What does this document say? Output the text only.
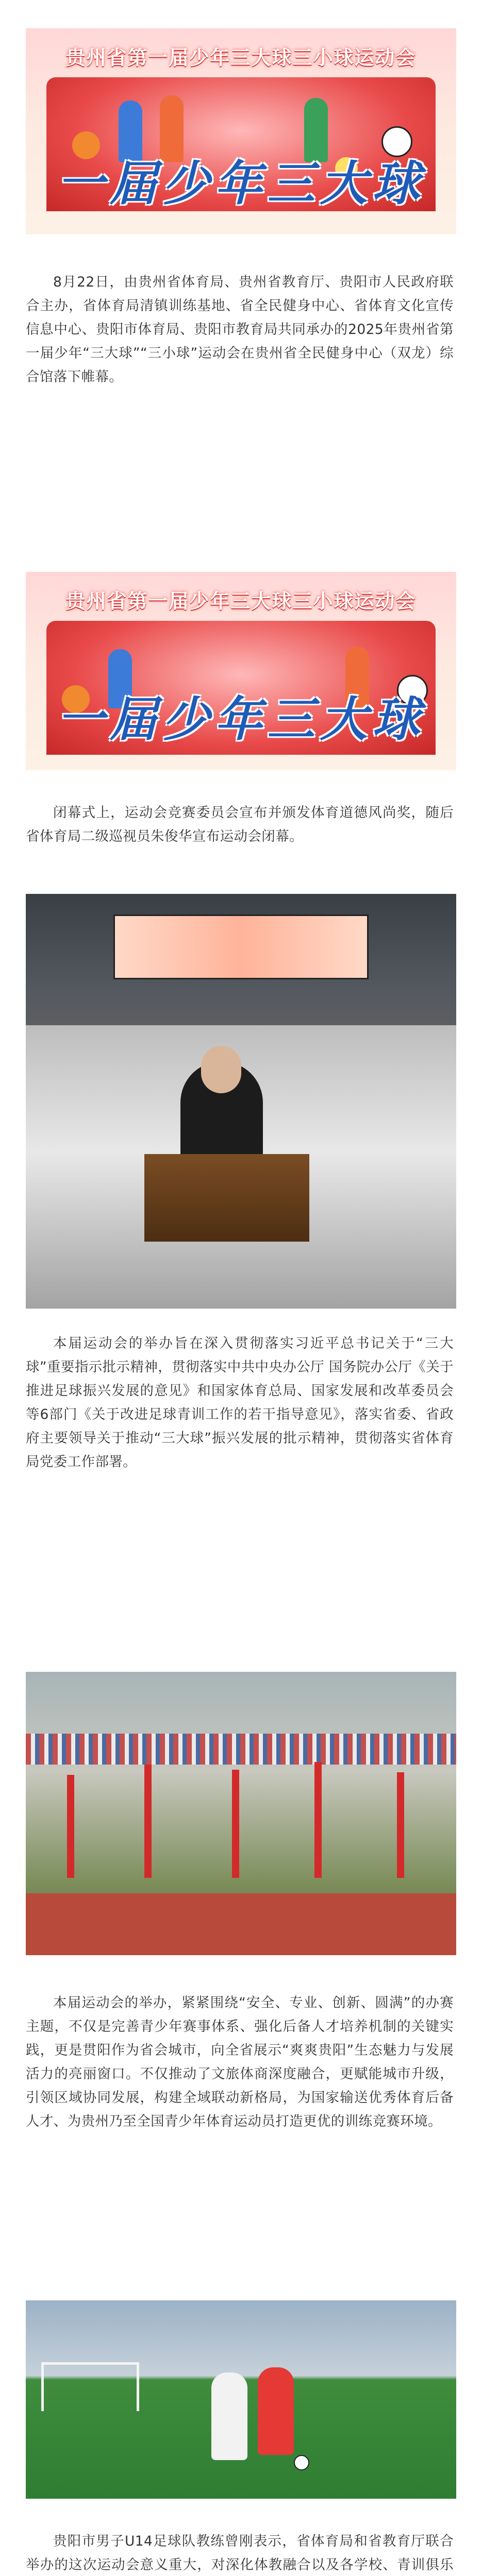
贵州省第一届少年三大球三小球运动会
一届少年三大球

8月22日，由贵州省体育局、贵州省教育厅、贵阳市人民政府联合主办，省体育局清镇训练基地、省全民健身中心、省体育文化宣传信息中心、贵阳市体育局、贵阳市教育局共同承办的2025年贵州省第一届少年“三大球”“三小球”运动会在贵州省全民健身中心（双龙）综合馆落下帷幕。

贵州省第一届少年三大球三小球运动会
一届少年三大球

闭幕式上，运动会竞赛委员会宣布并颁发体育道德风尚奖，随后省体育局二级巡视员朱俊华宣布运动会闭幕。

本届运动会的举办旨在深入贯彻落实习近平总书记关于“三大球”重要指示批示精神，贯彻落实中共中央办公厅 国务院办公厅《关于推进足球振兴发展的意见》和国家体育总局、国家发展和改革委员会等6部门《关于改进足球青训工作的若干指导意见》，落实省委、省政府主要领导关于推动“三大球”振兴发展的批示精神，贯彻落实省体育局党委工作部署。

本届运动会的举办，紧紧围绕“安全、专业、创新、圆满”的办赛主题，不仅是完善青少年赛事体系、强化后备人才培养机制的关键实践，更是贯阳作为省会城市，向全省展示“爽爽贵阳”生态魅力与发展活力的亮丽窗口。不仅推动了文旅体商深度融合，更赋能城市升级，引领区域协同发展，构建全域联动新格局，为国家输送优秀体育后备人才、为贵州乃至全国青少年体育运动员打造更优的训练竞赛环境。

贵阳市男子U14足球队教练曾刚表示，省体育局和省教育厅联合举办的这次运动会意义重大，对深化体教融合以及各学校、青训俱乐
